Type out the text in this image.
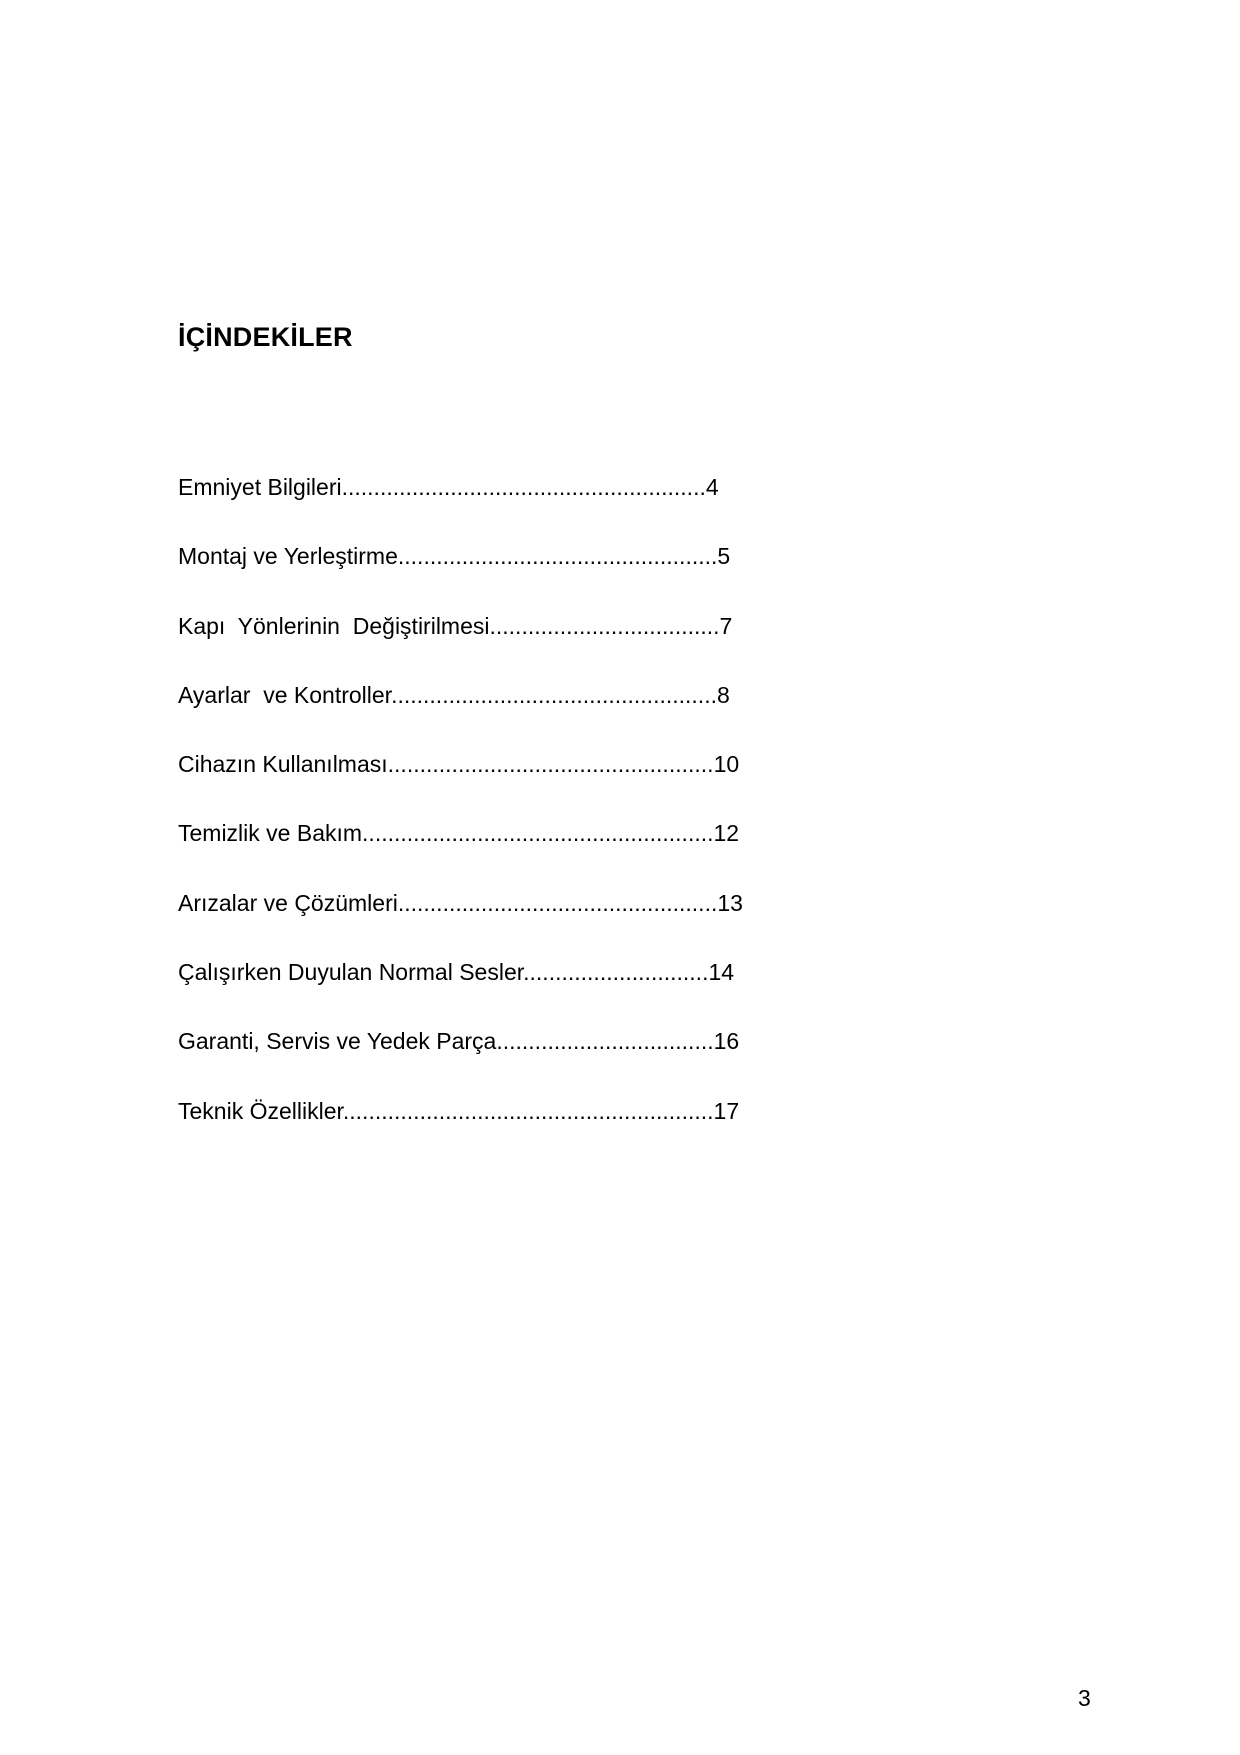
İÇİNDEKİLER
Emniyet Bilgileri.........................................................4
Montaj ve Yerleştirme..................................................5
Kapı  Yönlerinin  Değiştirilmesi....................................7
Ayarlar  ve Kontroller...................................................8
Cihazın Kullanılması...................................................10
Temizlik ve Bakım.......................................................12
Arızalar ve Çözümleri..................................................13
Çalışırken Duyulan Normal Sesler.............................14
Garanti, Servis ve Yedek Parça..................................16
Teknik Özellikler..........................................................17
3
